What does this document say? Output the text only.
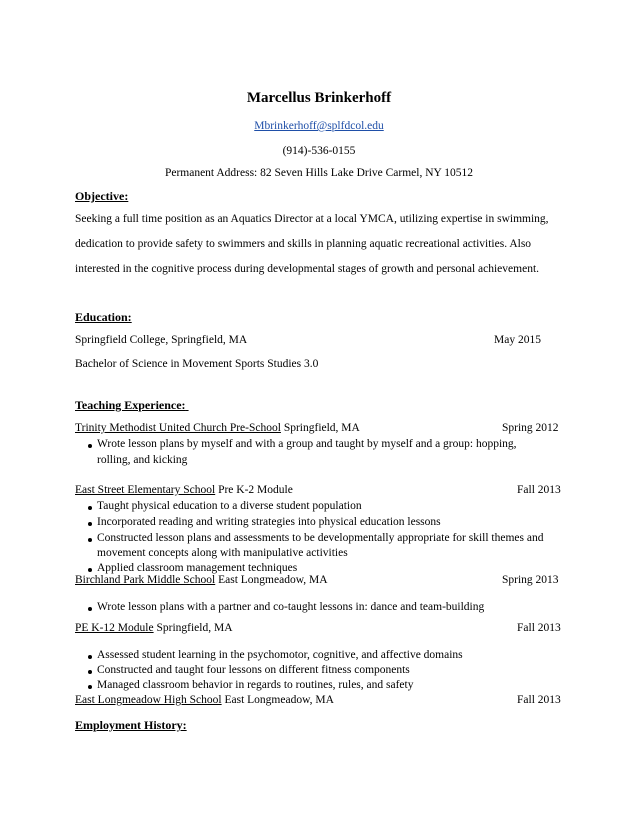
Marcellus Brinkerhoff
Mbrinkerhoff@splfdcol.edu
(914)-536-0155
Permanent Address: 82 Seven Hills Lake Drive Carmel, NY 10512
Objective:
Seeking a full time position as an Aquatics Director at a local YMCA, utilizing expertise in swimming,
dedication to provide safety to swimmers and skills in planning aquatic recreational activities. Also
interested in the cognitive process during developmental stages of growth and personal achievement.
Education:
Springfield College, Springfield, MA	May 2015
Bachelor of Science in Movement Sports Studies 3.0
Teaching Experience:
Trinity Methodist United Church Pre-School Springfield, MA	Spring 2012
Wrote lesson plans by myself and with a group and taught by myself and a group: hopping,
rolling, and kicking
East Street Elementary School Pre K-2 Module	Fall 2013
Taught physical education to a diverse student population
Incorporated reading and writing strategies into physical education lessons
Constructed lesson plans and assessments to be developmentally appropriate for skill themes and
movement concepts along with manipulative activities
Applied classroom management techniques
Birchland Park Middle School East Longmeadow, MA	Spring 2013
Wrote lesson plans with a partner and co-taught lessons in: dance and team-building
PE K-12 Module Springfield, MA	Fall 2013
Assessed student learning in the psychomotor, cognitive, and affective domains
Constructed and taught four lessons on different fitness components
Managed classroom behavior in regards to routines, rules, and safety
East Longmeadow High School East Longmeadow, MA	Fall 2013
Employment History:
